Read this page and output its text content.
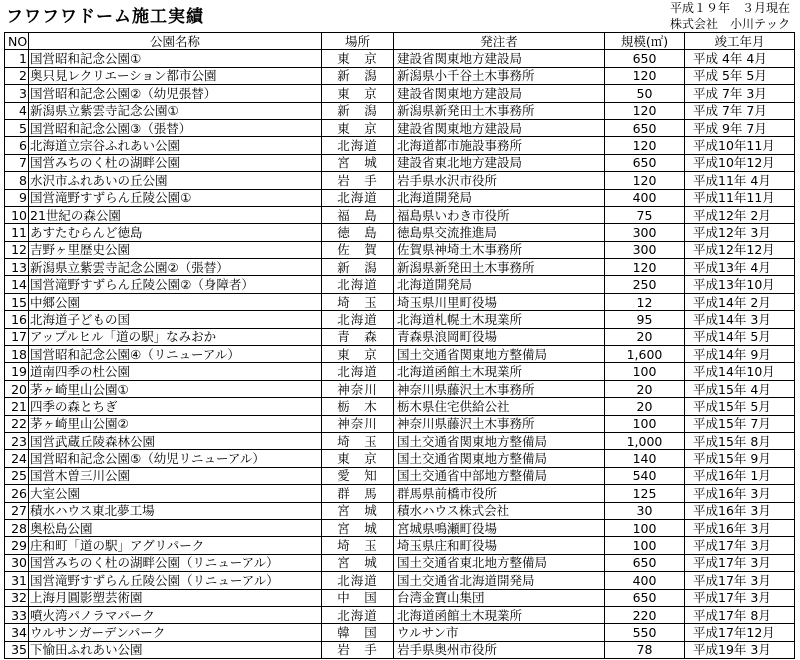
フワフワドーム施工実績	平成１９年　３月現在
株式会社　小川テック
NO	公園名称	場所	発注者	規模(㎡)	竣工年月
1	国営昭和記念公園①	東　京	建設省関東地方建設局	650	平成 4年 4月
2	奥只見レクリエーション都市公園	新　潟	新潟県小千谷土木事務所	120	平成 5年 5月
3	国営昭和記念公園②（幼児張替）	東　京	建設省関東地方建設局	50	平成 7年 3月
4	新潟県立紫雲寺記念公園①	新　潟	新潟県新発田土木事務所	120	平成 7年 7月
5	国営昭和記念公園③（張替）	東　京	建設省関東地方建設局	650	平成 9年 7月
6	北海道立宗谷ふれあい公園	北海道	北海道都市施設事務所	120	平成10年11月
7	国営みちのく杜の湖畔公園	宮　城	建設省東北地方建設局	650	平成10年12月
8	水沢市ふれあいの丘公園	岩　手	岩手県水沢市役所	120	平成11年 4月
9	国営滝野すずらん丘陵公園①	北海道	北海道開発局	400	平成11年11月
10	21世紀の森公園	福　島	福島県いわき市役所	75	平成12年 2月
11	あすたむらんど徳島	徳　島	徳島県交流推進局	300	平成12年 3月
12	吉野ヶ里歴史公園	佐　賀	佐賀県神埼土木事務所	300	平成12年12月
13	新潟県立紫雲寺記念公園②（張替）	新　潟	新潟県新発田土木事務所	120	平成13年 4月
14	国営滝野すずらん丘陵公園②（身障者）	北海道	北海道開発局	250	平成13年10月
15	中郷公園	埼　玉	埼玉県川里町役場	12	平成14年 2月
16	北海道子どもの国	北海道	北海道札幌土木現業所	95	平成14年 3月
17	アップルヒル「道の駅」なみおか	青　森	青森県浪岡町役場	20	平成14年 5月
18	国営昭和記念公園④（リニューアル）	東　京	国土交通省関東地方整備局	1,600	平成14年 9月
19	道南四季の杜公園	北海道	北海道函館土木現業所	100	平成14年10月
20	茅ヶ崎里山公園①	神奈川	神奈川県藤沢土木事務所	20	平成15年 4月
21	四季の森とちぎ	栃　木	栃木県住宅供給公社	20	平成15年 5月
22	茅ヶ崎里山公園②	神奈川	神奈川県藤沢土木事務所	100	平成15年 7月
23	国営武蔵丘陵森林公園	埼　玉	国土交通省関東地方整備局	1,000	平成15年 8月
24	国営昭和記念公園⑤（幼児リニューアル）	東　京	国土交通省関東地方整備局	140	平成15年 9月
25	国営木曽三川公園	愛　知	国土交通省中部地方整備局	540	平成16年 1月
26	大室公園	群　馬	群馬県前橋市役所	125	平成16年 3月
27	積水ハウス東北夢工場	宮　城	積水ハウス株式会社	30	平成16年 3月
28	奥松島公園	宮　城	宮城県鳴瀬町役場	100	平成16年 3月
29	庄和町「道の駅」アグリパーク	埼　玉	埼玉県庄和町役場	100	平成17年 3月
30	国営みちのく杜の湖畔公園（リニューアル）	宮　城	国土交通省東北地方整備局	650	平成17年 3月
31	国営滝野すずらん丘陵公園（リニューアル）	北海道	国土交通省北海道開発局	400	平成17年 3月
32	上海月圓影塑芸術園	中　国	台湾金寶山集団	650	平成17年 3月
33	噴火湾パノラマパーク	北海道	北海道函館土木現業所	220	平成17年 8月
34	ウルサンガーデンパーク	韓　国	ウルサン市	550	平成17年12月
35	下愉田ふれあい公園	岩　手	岩手県奥州市役所	78	平成19年 3月
